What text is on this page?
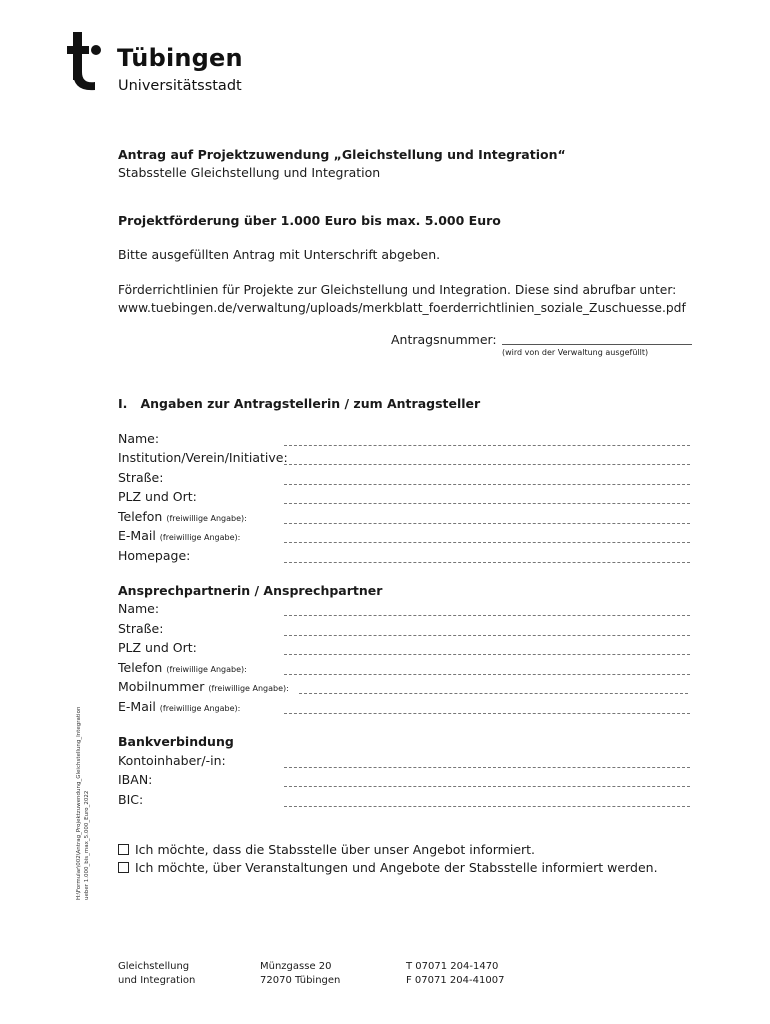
Tübingen
Universitätsstadt
Antrag auf Projektzuwendung „Gleichstellung und Integration“
Stabsstelle Gleichstellung und Integration
Projektförderung über 1.000 Euro bis max. 5.000 Euro
Bitte ausgefüllten Antrag mit Unterschrift abgeben.
Förderrichtlinien für Projekte zur Gleichstellung und Integration. Diese sind abrufbar unter:
www.tuebingen.de/verwaltung/uploads/merkblatt_foerderrichtlinien_soziale_Zuschuesse.pdf
Antragsnummer:
(wird von der Verwaltung ausgefüllt)
I.   Angaben zur Antragstellerin / zum Antragsteller
Name:
Institution/Verein/Initiative:
Straße:
PLZ und Ort:
Telefon (freiwillige Angabe):
E-Mail (freiwillige Angabe):
Homepage:
Ansprechpartnerin / Ansprechpartner
Name:
Straße:
PLZ und Ort:
Telefon (freiwillige Angabe):
Mobilnummer (freiwillige Angabe):
E-Mail (freiwillige Angabe):
Bankverbindung
Kontoinhaber/-in:
IBAN:
BIC:
Ich möchte, dass die Stabsstelle über unser Angebot informiert.
Ich möchte, über Veranstaltungen und Angebote der Stabsstelle informiert werden.
H:\Formular\002\Antrag_Projektzuwendung_Gleichstellung_Integration ueber 1.000_bis_max_5.000_Euro_2022
Gleichstellung
und Integration
Münzgasse 20
72070 Tübingen
T 07071 204-1470
F 07071 204-41007
